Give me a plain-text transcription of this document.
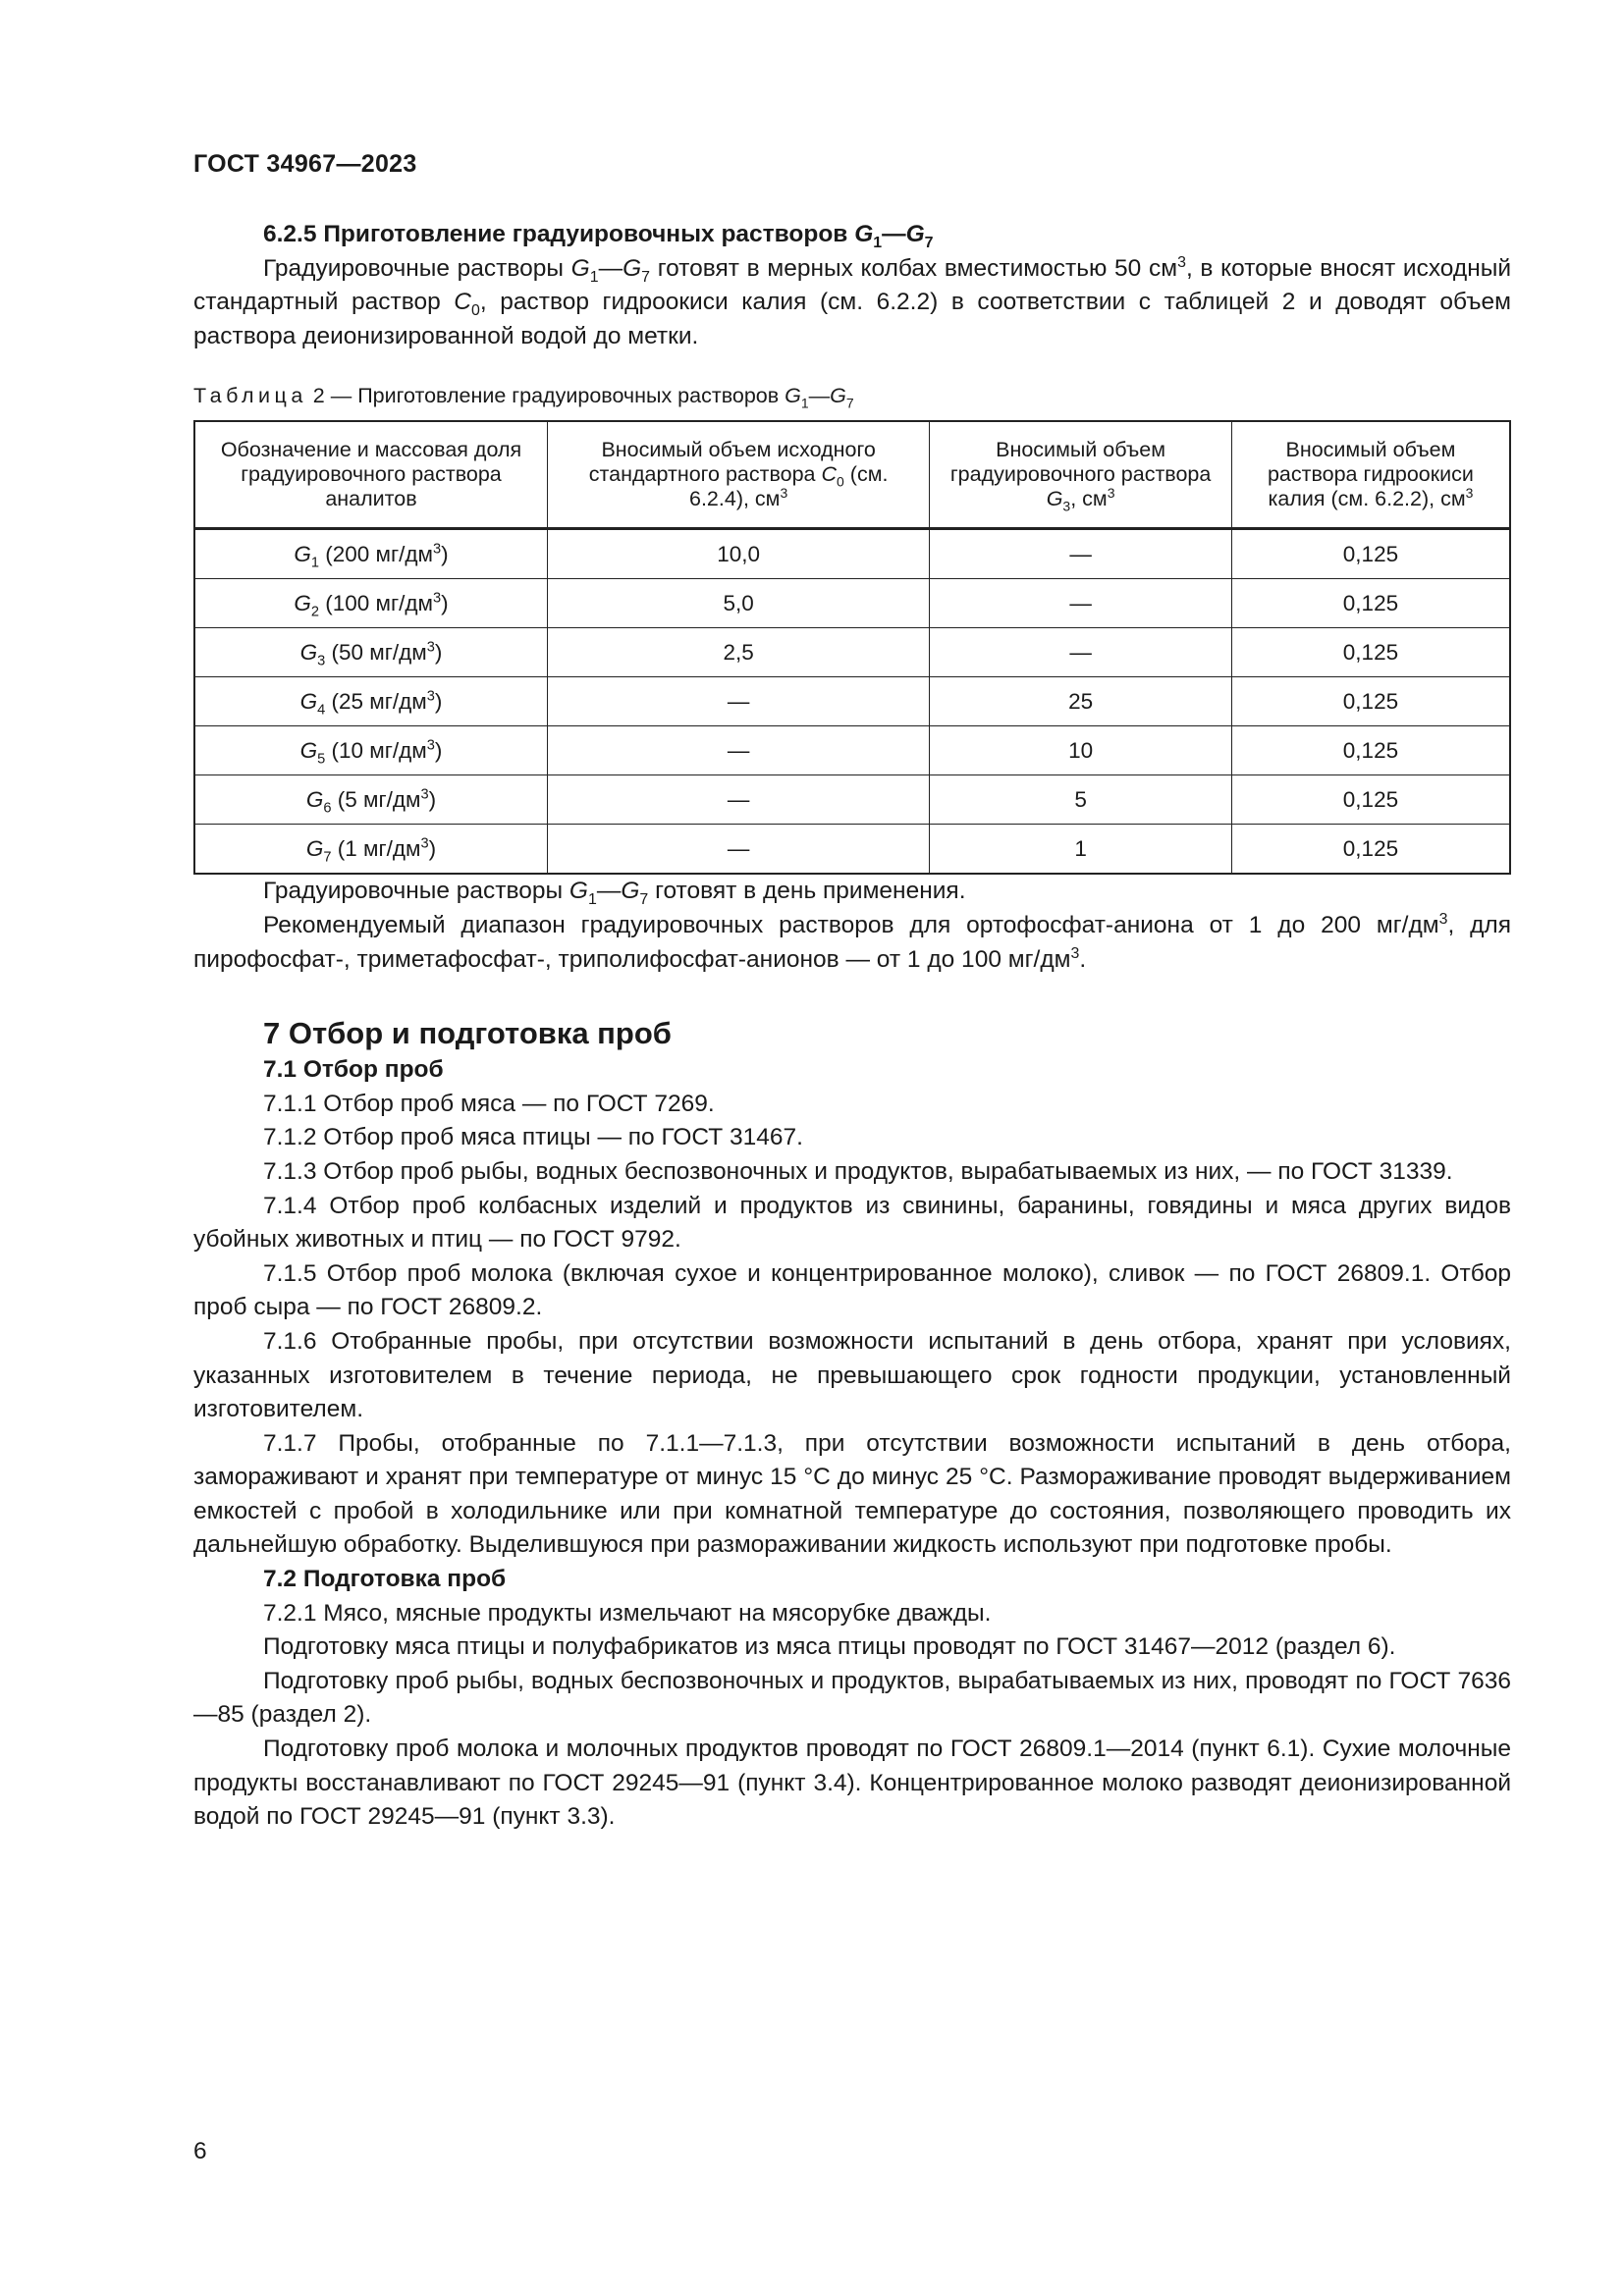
ГОСТ 34967—2023

6.2.5 Приготовление градуировочных растворов $G_1—G_7$

Градуировочные растворы $G_1—G_7$ готовят в мерных колбах вместимостью 50 $см^3$, в которые вносят исходный стандартный раствор $C_0$, раствор гидроокиси калия (см. 6.2.2) в соответствии с таблицей 2 и доводят объем раствора деионизированной водой до метки.

Таблица 2 — Приготовление градуировочных растворов $G_1—G_7$
Обозначение и массовая доля градуировочного раствора аналитов	Вносимый объем исходного стандартного раствора $C_0$ (см. 6.2.4), $см^3$	Вносимый объем градуировочного раствора $G_3$, $см^3$	Вносимый объем раствора гидроокиси калия (см. 6.2.2), $см^3$
$G_1$ (200 $мг/дм^3$)	10,0	—	0,125
$G_2$ (100 $мг/дм^3$)	5,0	—	0,125
$G_3$ (50 $мг/дм^3$)	2,5	—	0,125
$G_4$ (25 $мг/дм^3$)	—	25	0,125
$G_5$ (10 $мг/дм^3$)	—	10	0,125
$G_6$ (5 $мг/дм^3$)	—	5	0,125
$G_7$ (1 $мг/дм^3$)	—	1	0,125

Градуировочные растворы $G_1—G_7$ готовят в день применения.

Рекомендуемый диапазон градуировочных растворов для ортофосфат-аниона от 1 до 200 $мг/дм^3$, для пирофосфат-, триметафосфат-, триполифосфат-анионов — от 1 до 100 $мг/дм^3$.

7 Отбор и подготовка проб

7.1 Отбор проб

7.1.1 Отбор проб мяса — по ГОСТ 7269.

7.1.2 Отбор проб мяса птицы — по ГОСТ 31467.

7.1.3 Отбор проб рыбы, водных беспозвоночных и продуктов, вырабатываемых из них, — по ГОСТ 31339.

7.1.4 Отбор проб колбасных изделий и продуктов из свинины, баранины, говядины и мяса других видов убойных животных и птиц — по ГОСТ 9792.

7.1.5 Отбор проб молока (включая сухое и концентрированное молоко), сливок — по ГОСТ 26809.1. Отбор проб сыра — по ГОСТ 26809.2.

7.1.6 Отобранные пробы, при отсутствии возможности испытаний в день отбора, хранят при условиях, указанных изготовителем в течение периода, не превышающего срок годности продукции, установленный изготовителем.

7.1.7 Пробы, отобранные по 7.1.1—7.1.3, при отсутствии возможности испытаний в день отбора, замораживают и хранят при температуре от минус 15 °С до минус 25 °С. Размораживание проводят выдерживанием емкостей с пробой в холодильнике или при комнатной температуре до состояния, позволяющего проводить их дальнейшую обработку. Выделившуюся при размораживании жидкость используют при подготовке пробы.

7.2 Подготовка проб

7.2.1 Мясо, мясные продукты измельчают на мясорубке дважды.

Подготовку мяса птицы и полуфабрикатов из мяса птицы проводят по ГОСТ 31467—2012 (раздел 6).

Подготовку проб рыбы, водных беспозвоночных и продуктов, вырабатываемых из них, проводят по ГОСТ 7636—85 (раздел 2).

Подготовку проб молока и молочных продуктов проводят по ГОСТ 26809.1—2014 (пункт 6.1). Сухие молочные продукты восстанавливают по ГОСТ 29245—91 (пункт 3.4). Концентрированное молоко разводят деионизированной водой по ГОСТ 29245—91 (пункт 3.3).

6
